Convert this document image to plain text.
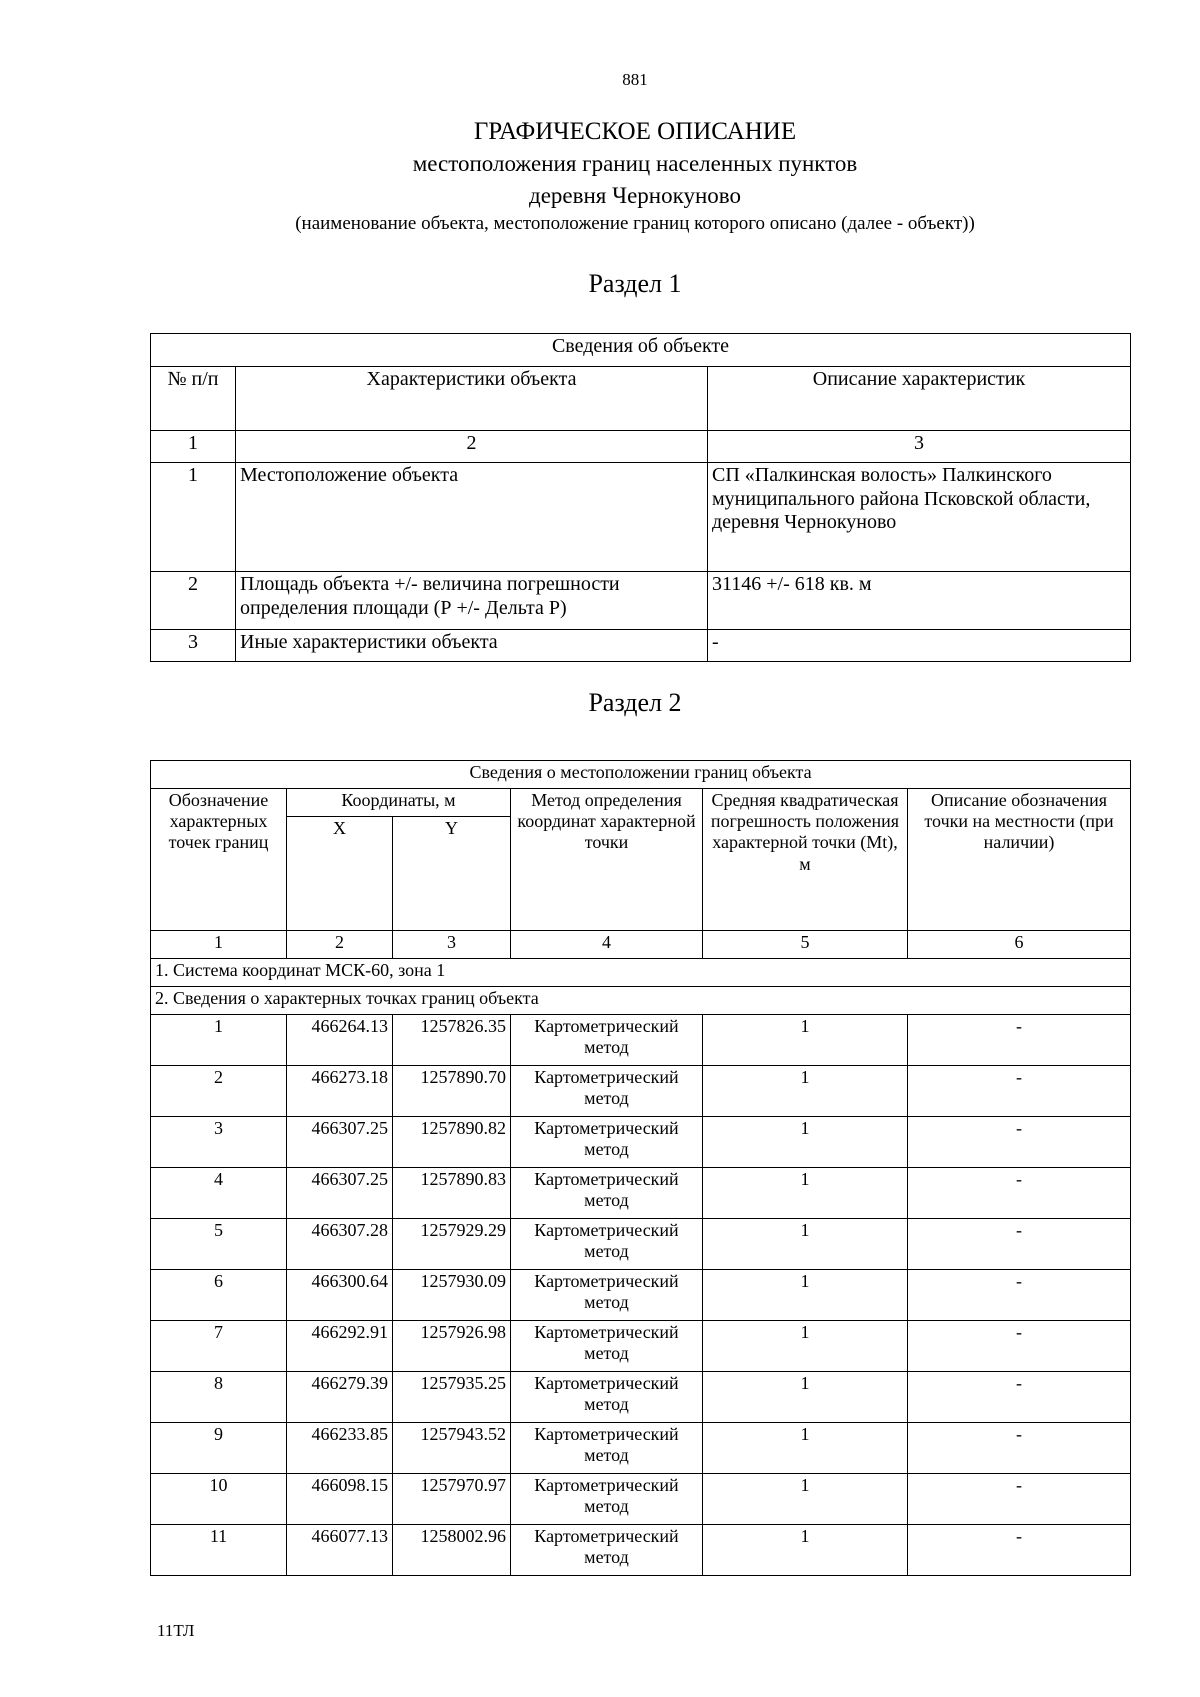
881
ГРАФИЧЕСКОЕ ОПИСАНИЕ
местоположения границ населенных пунктов
деревня Чернокуново
(наименование объекта, местоположение границ которого описано (далее - объект))
Раздел 1
Сведения об объекте		
№ п/п	Характеристики объекта	Описание характеристик
1	2	3
1	Местоположение объекта	СП «Палкинская волость» Палкинского муниципального района Псковской области, деревня Чернокуново
2	Площадь объекта +/- величина погрешности определения площади (Р +/- Дельта Р)	31146 +/- 618 кв. м
3	Иные характеристики объекта	-
Раздел 2
Сведения о местоположении границ объекта					
Обозначение характерных точек границ	Координаты, м		Метод определения координат характерной точки	Средняя квадратическая погрешность положения характерной точки (Mt), м	Описание обозначения точки на местности (при наличии)
	X	Y			
1	2	3	4	5	6
1. Система координат МСК-60, зона 1					
2. Сведения о характерных точках границ объекта					
1	466264.13	1257826.35	Картометрический метод	1	-
2	466273.18	1257890.70	Картометрический метод	1	-
3	466307.25	1257890.82	Картометрический метод	1	-
4	466307.25	1257890.83	Картометрический метод	1	-
5	466307.28	1257929.29	Картометрический метод	1	-
6	466300.64	1257930.09	Картометрический метод	1	-
7	466292.91	1257926.98	Картометрический метод	1	-
8	466279.39	1257935.25	Картометрический метод	1	-
9	466233.85	1257943.52	Картометрический метод	1	-
10	466098.15	1257970.97	Картометрический метод	1	-
11	466077.13	1258002.96	Картометрический метод	1	-
11ТЛ
